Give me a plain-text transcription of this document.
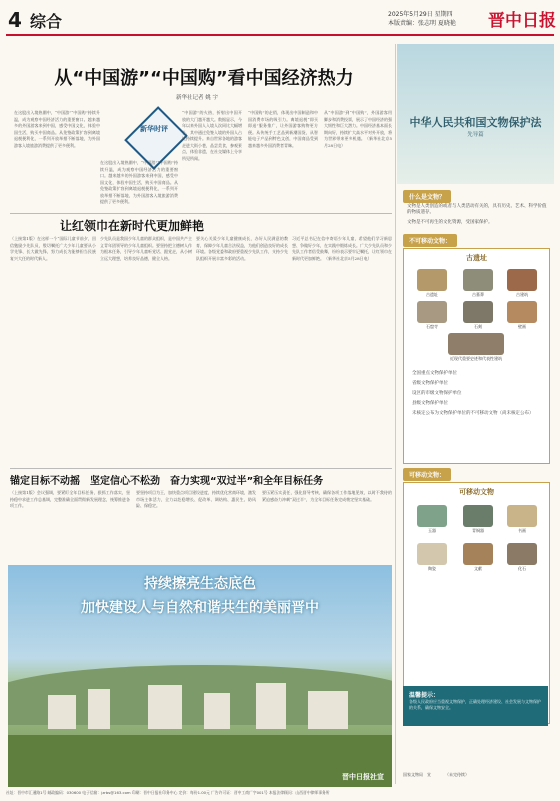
4 综合	2025年5月29日 星期四
本版责编：张志明 夏晓艳 晋中日报
从“中国游”“中国购”看中国经济热力
新华社记者 姚 宇
在这股出入境热潮中，“中国游”“中国购”持续升温，成为观察中国经济活力的重要窗口。越来越多的外国游客来到中国，感受中国文化，体验中国生活，购买中国商品。从免签政策扩容到离境退税便利化，一系列开放举措不断落地，为外国游客入境旅游消费提供了更多便利。
新华时评
“中国游”的火热，折射出中国开放的大门越开越大。数据显示，今年以来外国人入境人次同比大幅增长，其中通过免签入境的外国人占比持续提升。来自世界各地的游客走进大街小巷，品尝美食，参观景点，体验非遗，在社交媒体上分享所见所闻。
“中国购”的走俏，体现出中国制造和中国消费市场的吸引力。离境退税“即买即退”服务推广，让外国游客购物更方便。从传统手工艺品到新潮国货，从智能电子产品到特色文创，中国商品受到越来越多外国消费者青睐。
从“中国游”到“中国购”，外国游客用脚步和消费投票，展示了中国经济的强大韧性和巨大潜力。中国经济基本面长期向好，持续扩大高水平对外开放，将为世界带来更多机遇。（新华社北京5月28日电）
在这股出入境热潮中，“中国游”“中国购”持续升温，成为观察中国经济活力的重要窗口。越来越多的外国游客来到中国，感受中国文化，体验中国生活，购买中国商品。从免签政策扩容到离境退税便利化，一系列开放举措不断落地，为外国游客入境旅游消费提供了更多便利。
让红领巾在新时代更加鲜艳
（上接第1版）在这样一个“国际儿童节前夕，回信勉励少先队员，殷切嘱托广大少年儿童要从小学先锋、长大做先锋，努力成长为能够担当民族复兴大任的时代新人。
少先队员是我国少年儿童的群众组织，是中国共产主义青年团领导的少年儿童组织。要坚持把立德树人作为根本任务，引导少年儿童听党话、跟党走，从小树立远大理想，培养良好品德，健全人格。
要关心关爱少年儿童健康成长，办好人民满意的教育，保障少年儿童合法权益，为他们创造良好的成长环境。各级党委和政府要重视少先队工作，支持少先队组织开展丰富多彩的活动。
习近平总书记在信中寄语少年儿童，希望他们学习新思想、争做好少年，在实践中锻炼成长。广大少先队员和少先队工作者倍受鼓舞，纷纷表示要牢记嘱托，让红领巾在新时代更加鲜艳。（新华社北京5月28日电）
锚定目标不动摇　坚定信心不松劲　奋力实现“双过半”和全年目标任务
（上接第1版）会议强调，要紧盯全年目标任务，狠抓工作落实，坚持稳中求进工作总基调，完整准确全面贯彻新发展理念，统筹推进各项工作。
要坚持项目为王，加快重点项目建设进度，持续优化营商环境，激发市场主体活力，全力以赴稳增长、促改革、调结构、惠民生、防风险、保稳定。
要压紧压实责任，强化督导考核，确保各项工作落地见效，以时不我待的紧迫感奋力冲刺“双过半”，为全年目标任务完成奠定坚实基础。
持续擦亮生态底色
加快建设人与自然和谐共生的美丽晋中
晋中日报社宣
中华人民共和国文物保护法
先导篇
什么是文物？
文物是人类创造的或者与人类活动有关的，具有历史、艺术、科学价值的物质遗存。
文物是不可再生的文化资源，受国家保护。
不可移动文物：
古遗址
古遗址	古墓葬	古建筑
石窟寺	石刻	壁画
近现代重要史迹和代表性建筑
全国重点文物保护单位
省级文物保护单位
设区的市级文物保护单位
县级文物保护单位
未核定公布为文物保护单位的不可移动文物（尚未核定公布）
可移动文物：
可移动文物
玉器	青铜器	书画
陶瓷	文献	化石
温馨提示：
各级人民政府应当重视文物保护，正确处理经济建设、社会发展与文物保护的关系，确保文物安全。
国家文物局　宣　　　　（未完待续）
社址：晋中市汇通路1号 邮政编码：030600 电子信箱：jzrbs@163.com 印刷：晋中日报社印务中心 定价：每份1.00元 广告许可证：晋中工商广字001号 本报法律顾问：山西晋中律师事务所
